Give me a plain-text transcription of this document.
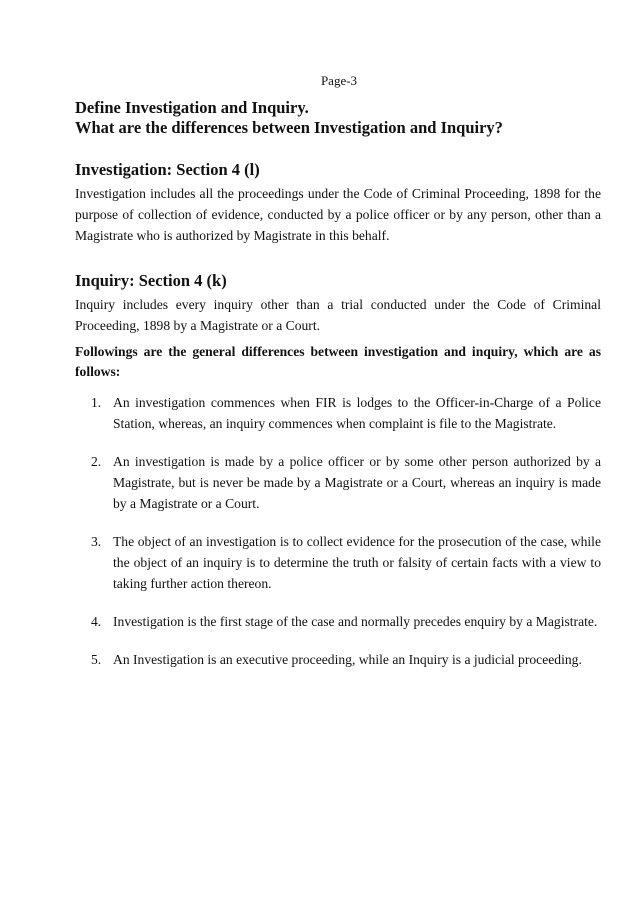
Page-3

Define Investigation and Inquiry.

What are the differences between Investigation and Inquiry?

Investigation: Section 4 (l)

Investigation includes all the proceedings under the Code of Criminal Proceeding, 1898 for the purpose of collection of evidence, conducted by a police officer or by any person, other than a Magistrate who is authorized by Magistrate in this behalf.

Inquiry: Section 4 (k)

Inquiry includes every inquiry other than a trial conducted under the Code of Criminal Proceeding, 1898 by a Magistrate or a Court.

Followings are the general differences between investigation and inquiry, which are as follows:

1. An investigation commences when FIR is lodges to the Officer-in-Charge of a Police Station, whereas, an inquiry commences when complaint is file to the Magistrate.
2. An investigation is made by a police officer or by some other person authorized by a Magistrate, but is never be made by a Magistrate or a Court, whereas an inquiry is made by a Magistrate or a Court.
3. The object of an investigation is to collect evidence for the prosecution of the case, while the object of an inquiry is to determine the truth or falsity of certain facts with a view to taking further action thereon.
4. Investigation is the first stage of the case and normally precedes enquiry by a Magistrate.
5. An Investigation is an executive proceeding, while an Inquiry is a judicial proceeding.
